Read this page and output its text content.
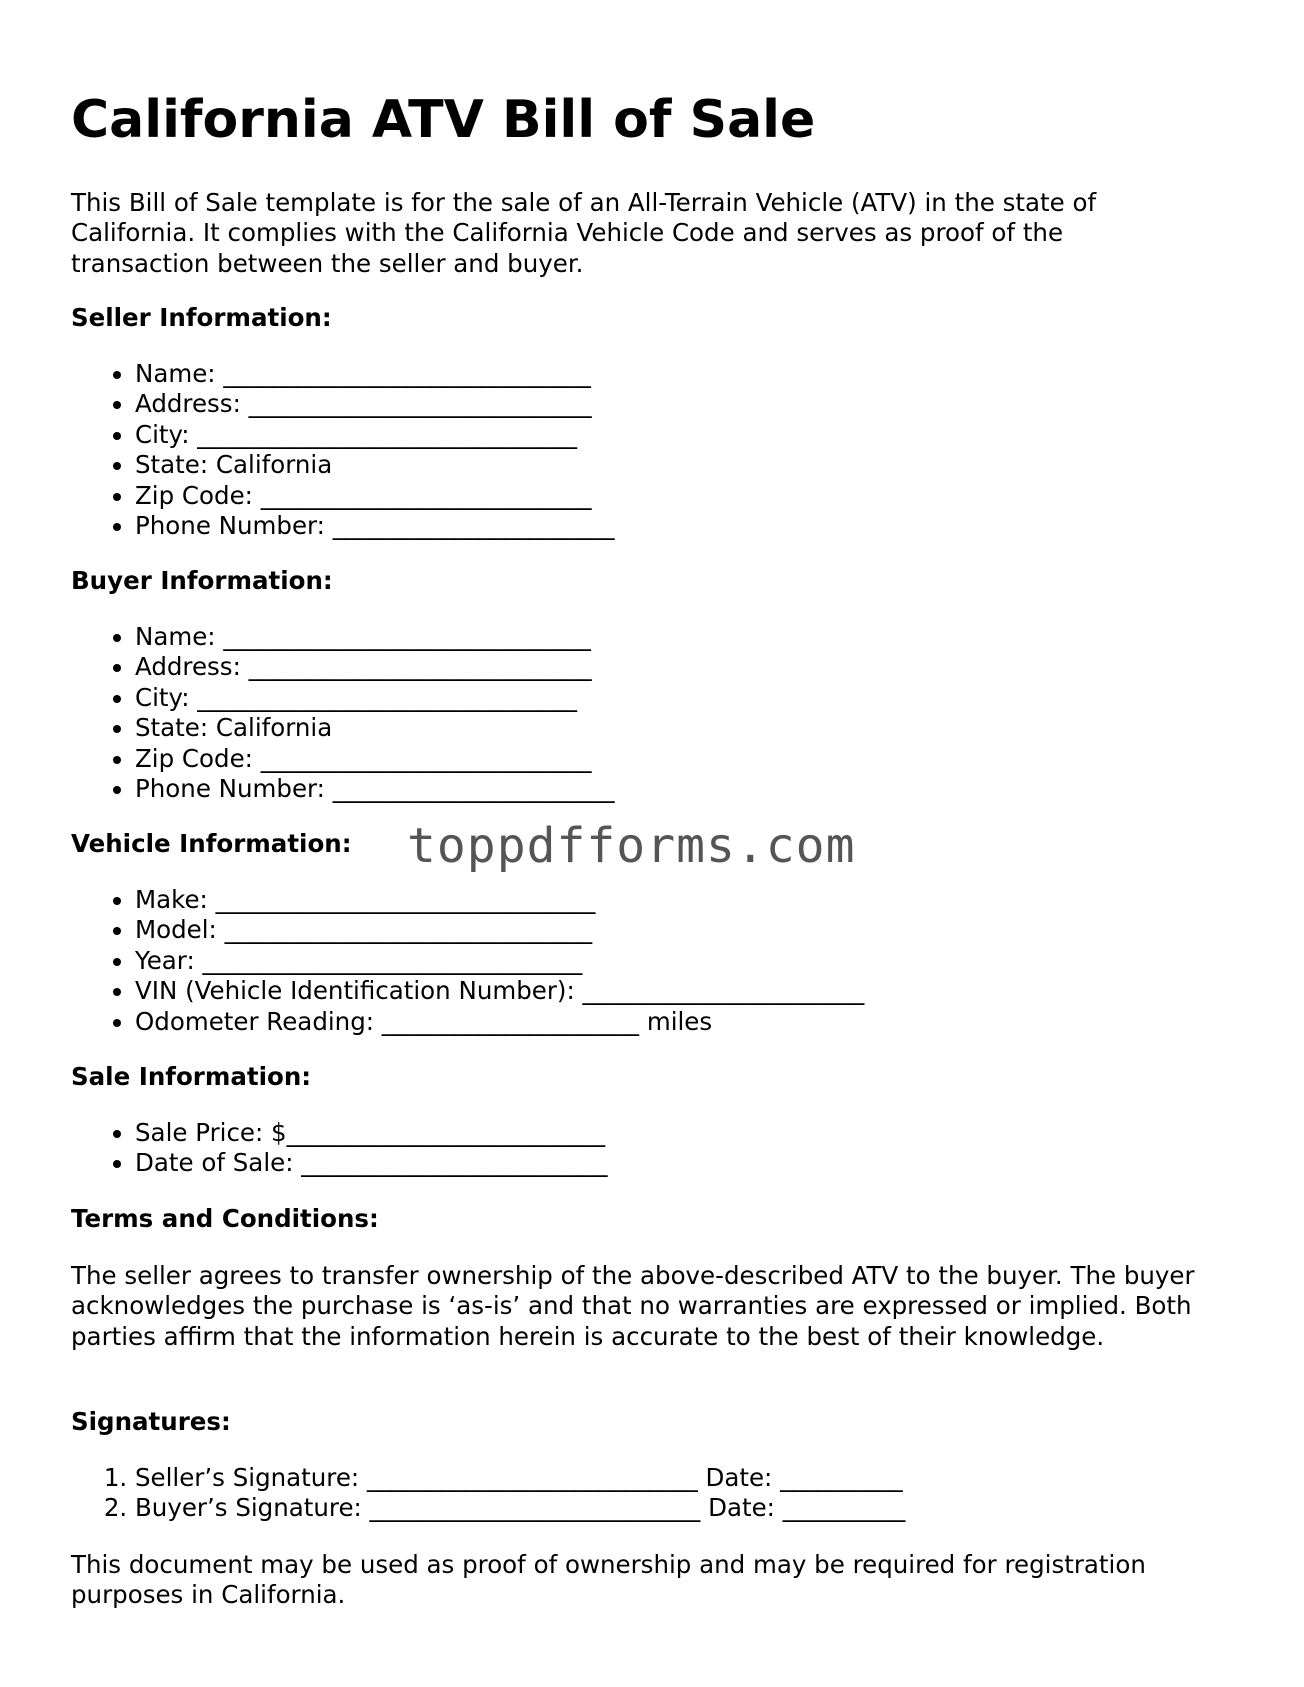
California ATV Bill of Sale

This Bill of Sale template is for the sale of an All-Terrain Vehicle (ATV) in the state of California. It complies with the California Vehicle Code and serves as proof of the transaction between the seller and buyer.

Seller Information:

• Name: ______________________________
• Address: ____________________________
• City: _______________________________
• State: California
• Zip Code: ___________________________
• Phone Number: _______________________

Buyer Information:

• Name: ______________________________
• Address: ____________________________
• City: _______________________________
• State: California
• Zip Code: ___________________________
• Phone Number: _______________________

Vehicle Information:

• Make: _______________________________
• Model: ______________________________
• Year: _______________________________
• VIN (Vehicle Identification Number): _______________________
• Odometer Reading: _____________________ miles

Sale Information:

• Sale Price: $__________________________
• Date of Sale: _________________________

Terms and Conditions:

The seller agrees to transfer ownership of the above-described ATV to the buyer. The buyer acknowledges the purchase is ‘as-is’ and that no warranties are expressed or implied. Both parties affirm that the information herein is accurate to the best of their knowledge.

Signatures:

1. Seller’s Signature: ___________________________ Date: __________
2. Buyer’s Signature: ___________________________ Date: __________

This document may be used as proof of ownership and may be required for registration purposes in California.

toppdfforms.com
